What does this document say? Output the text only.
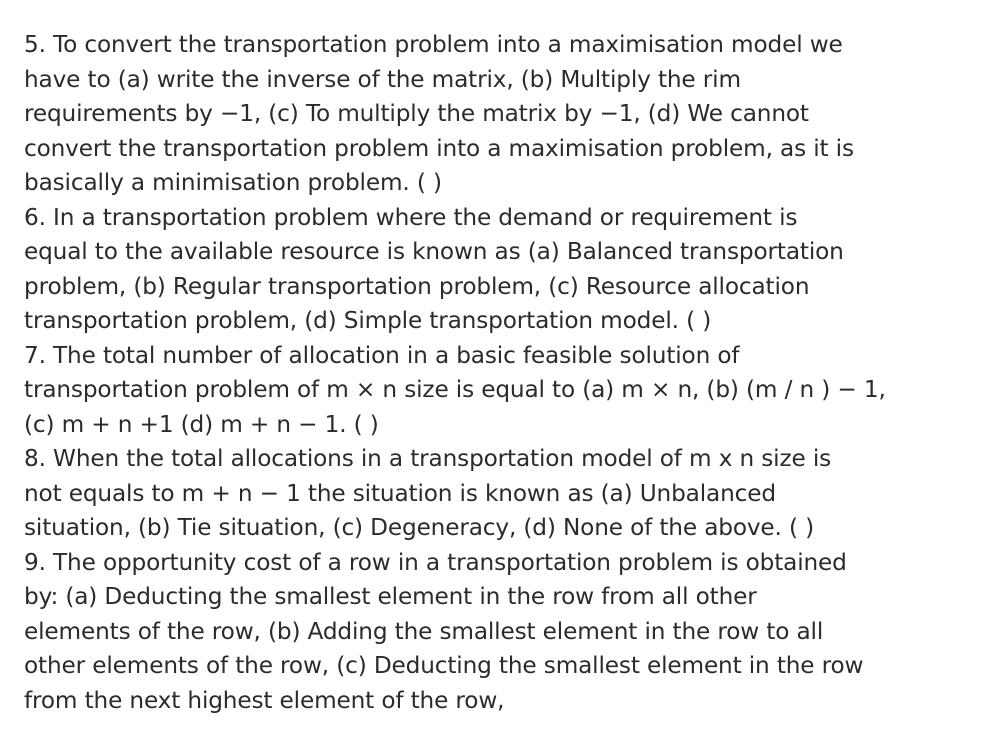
5. To convert the transportation problem into a maximisation model we
have to (a) write the inverse of the matrix, (b) Multiply the rim
requirements by −1, (c) To multiply the matrix by −1, (d) We cannot
convert the transportation problem into a maximisation problem, as it is
basically a minimisation problem. ( )
6. In a transportation problem where the demand or requirement is
equal to the available resource is known as (a) Balanced transportation
problem, (b) Regular transportation problem, (c) Resource allocation
transportation problem, (d) Simple transportation model. ( )
7. The total number of allocation in a basic feasible solution of
transportation problem of m × n size is equal to (a) m × n, (b) (m / n ) − 1,
(c) m + n +1 (d) m + n − 1. ( )
8. When the total allocations in a transportation model of m x n size is
not equals to m + n − 1 the situation is known as (a) Unbalanced
situation, (b) Tie situation, (c) Degeneracy, (d) None of the above. ( )
9. The opportunity cost of a row in a transportation problem is obtained
by: (a) Deducting the smallest element in the row from all other
elements of the row, (b) Adding the smallest element in the row to all
other elements of the row, (c) Deducting the smallest element in the row
from the next highest element of the row,
